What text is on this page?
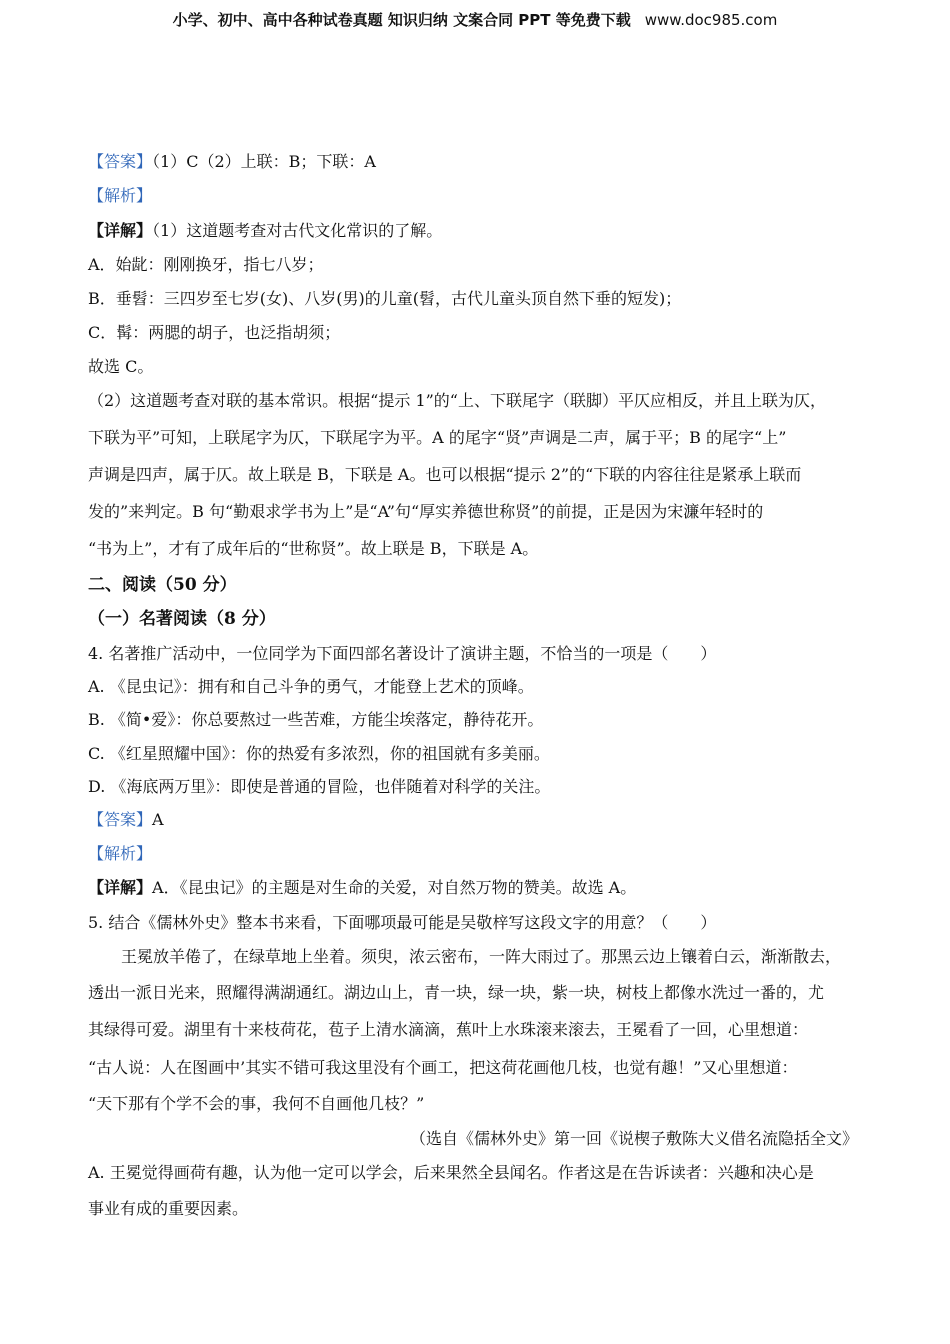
小学、初中、高中各种试卷真题 知识归纳 文案合同 PPT 等免费下载 www.doc985.com
【答案】（1）C（2）上联：B；下联：A
【解析】
【详解】（1）这道题考查对古代文化常识的了解。
A．始龀：刚刚换牙，指七八岁；
B．垂髫：三四岁至七岁(女)、八岁(男)的儿童(髫，古代儿童头顶自然下垂的短发)；
C．髯：两腮的胡子，也泛指胡须；
故选 C。
（2）这道题考查对联的基本常识。根据“提示 1”的“上、下联尾字（联脚）平仄应相反，并且上联为仄，
下联为平”可知，上联尾字为仄，下联尾字为平。A 的尾字“贤”声调是二声，属于平；B 的尾字“上”
声调是四声，属于仄。故上联是 B，下联是 A。也可以根据“提示 2”的“下联的内容往往是紧承上联而
发的”来判定。B 句“勤艰求学书为上”是“A”句“厚实养德世称贤”的前提，正是因为宋濂年轻时的
“书为上”，才有了成年后的“世称贤”。故上联是 B，下联是 A。
二、阅读（50 分）
（一）名著阅读（8 分）
4. 名著推广活动中，一位同学为下面四部名著设计了演讲主题，不恰当的一项是（　　）
A. 《昆虫记》：拥有和自己斗争的勇气，才能登上艺术的顶峰。
B. 《简•爱》：你总要熬过一些苦难，方能尘埃落定，静待花开。
C. 《红星照耀中国》：你的热爱有多浓烈，你的祖国就有多美丽。
D. 《海底两万里》：即使是普通的冒险，也伴随着对科学的关注。
【答案】A
【解析】
【详解】A．《昆虫记》的主题是对生命的关爱，对自然万物的赞美。故选 A。
5. 结合《儒林外史》整本书来看，下面哪项最可能是吴敬梓写这段文字的用意？（　　）
王冕放羊倦了，在绿草地上坐着。须臾，浓云密布，一阵大雨过了。那黑云边上镶着白云，渐渐散去，
透出一派日光来，照耀得满湖通红。湖边山上，青一块，绿一块，紫一块，树枝上都像水洗过一番的，尤
其绿得可爱。湖里有十来枝荷花，苞子上清水滴滴，蕉叶上水珠滚来滚去，王冕看了一回，心里想道：
“古人说：人在图画中’其实不错可我这里没有个画工，把这荷花画他几枝，也觉有趣！”又心里想道：
“天下那有个学不会的事，我何不自画他几枝？”
（选自《儒林外史》第一回《说楔子敷陈大义借名流隐括全文》
A. 王冕觉得画荷有趣，认为他一定可以学会，后来果然全县闻名。作者这是在告诉读者：兴趣和决心是
事业有成的重要因素。
